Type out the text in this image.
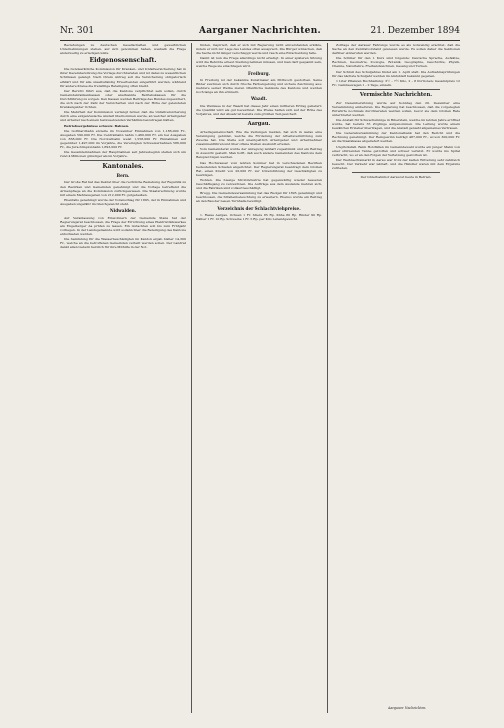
Nr. 301	Aarganer Nachrichten.	21. Dezember 1894

Beziehungen zu deutschen Gesellschaften und gewerblichen Unternehmungen stehen, auf sich genommen haben, weshalb die Frage anderweitig zu erledigen wäre.

Eidgenossenschaft.

Die bundesrätliche Kommission für Kranken- und Unfallversicherung hat in ihrer Dezembersitzung die Vorlage durchberaten und ist dabei zu wesentlichen Schlüssen gelangt. Nach ihrem Antrag soll die Versicherung obligatorisch erklärt und für alle unselbständig Erwerbenden eingeführt werden, während für andere Kreise die freiwillige Beteiligung offen bleibt.

Der Bericht führt aus, daß die Kantone verpflichtet sein sollen, durch Gemeindekrankenkassen oder anerkannte Betriebskassen für die Durchführung zu sorgen. Den Kassen werden Beiträge des Bundes zugesichert, die sich nach der Zahl der Versicherten und nach der Höhe der geleisteten Krankengelder richten.

Die Mehrheit der Kommission verlangt ferner, daß die Unfallversicherung durch eine eidgenössische Anstalt übernommen werde, an welcher Arbeitgeber und Arbeiter nach einem festzusetzenden Verhältnis beizutragen hätten.

Betriebsergebnisse schweiz. Bahnen.

Die Gotthardbahn erzielte im November Einnahmen von 1,186,000 Fr., Ausgaben 590,000 Fr. Die Centralbahn nahm 1,460,000 Fr. ein bei Ausgaben von 838,000 Fr. Die Nordostbahn weist 1,558,000 Fr. Einnahmen auf gegenüber 1,497,000 im Vorjahre, die Vereinigten Schweizerbahnen 586,000 Fr., die Jura-Simplonbahn 1,893,000 Fr.

Die Gesamteinnahmen der Hauptbahnen seit Jahresbeginn stellen sich um rund 4 Millionen günstiger als im Vorjahre.

Kantonales.
Bern.

Der Große Rat hat das Dekret über die rechtliche Beziehung der Republik zu den Bezirken und Gemeinden genehmigt und die Vorlage betreffend die Armenpflege an die Kommission zurückgewiesen. Die Staatsrechnung wurde mit einem Mehrausgeben von 212,000 Fr. gutgeheißen.

Ebenfalls genehmigt wurde der Voranschlag für 1895, der in Einnahmen und Ausgaben ungefähr im Gleichgewicht steht.

Nidwalden.

Auf Veranlassung von Einwohnern der Gemeinde Stans hat der Regierungsrat beschlossen, die Frage der Errichtung eines Elektrizitätswerkes am Engelberger Aa prüfen zu lassen. Ein Gutachten soll bis zum Frühjahr vorliegen. In der Landsgemeinde wird sodann über die Beteiligung des Kantons entschieden werden.

Die Sammlung für die Wasserbeschädigten im Kanton ergab bisher 14,300 Fr., welche an die betroffenen Gemeinden verteilt werden sollen. Der Landrat dankt allen Gebern herzlich für ihre Mithilfe in der Not.

finden, inspiriert, daß er sich mit Regierung nicht einverstanden erkläre, indem er sich zur Lage des Landes offen aussprach. Die Bürger wünschen, daß die Sache nicht länger verschleppt werde und rasch eine Entscheidung falle.

Damit ist nun die Frage allerdings nicht erledigt. In einer späteren Sitzung wird die Behörde erneut Stellung nehmen müssen, und man darf gespannt sein, welche Wege sie einschlagen wird.

Freiburg.

In Freiburg ist der bekannte Kunstmaler am Mittwoch gestorben. Seine Bilder zeichnen sich durch frische Farbengebung und sichere Zeichnung aus; mehrere seiner Werke zieren öffentliche Gebäude des Kantons und werden noch lange an ihn erinnern.

Waadt.

Die Weinlese in der Waadt hat dieses Jahr einen mittleren Ertrag geliefert; die Qualität wird als gut bezeichnet. Die Preise halten sich auf der Höhe des Vorjahres, und der Absatz ist bereits zum größten Teil gesichert.

Aargau.

Arbeitsgemeinschaft. Wie die Zeitungen melden, hat sich in Aarau eine Vereinigung gebildet, welche die Förderung der Arbeitsvermittlung zum Zwecke hat. Die Stelle soll unentgeltlich Arbeitgeber und Arbeitnehmer zusammenführen und über offene Stellen Auskunft erteilen.

Vom Gemeinderat wurde der Anregung lebhaft zugestimmt und ein Beitrag in Aussicht gestellt. Man hofft, daß auch andere Gemeinden des Kantons dem Beispiel folgen werden.

Das Hochwasser vom letzten Sommer hat in verschiedenen Bezirken bedeutenden Schaden angerichtet. Der Regierungsrat beantragt dem Großen Rat, einen Kredit von 20,000 Fr. zur Unterstützung der Geschädigten zu bewilligen.

Wohlen. Die hiesige Strohindustrie hat gegenwärtig wieder besseren Geschäftsgang zu verzeichnen. Die Aufträge aus dem Auslande mehren sich, und die Fabriken sind vollauf beschäftigt.

Brugg. Die Gemeindeversammlung hat das Budget für 1895 genehmigt und beschlossen, die Straßenbeleuchtung zu erweitern. Ebenso wurde ein Beitrag an den Bau der neuen Turnhalle bewilligt.

Verzeichnis der Schlachtviehpreise.

1. Rasse Aargau. Ochsen 1 Fr. Stiere 85 Rp. Kühe 80 Rp. Rinder 90 Rp. Kälber 1 Fr. 10 Rp. Schweine 1 Fr. 5 Rp. per Kilo Lebendgewicht.

Zolltage der Aarauer Fahrungs wurde es als notwendig erachtet, daß die Sache an den Zentralvorstand gewiesen werde. Es sollen daher die Sektionen darüber einberufen werden.

Die Schüler für den I. Kurs sind folgende: Deutsche Sprache, Aufsätze, Rechnen, Geometrie, Zoologie, Botanik, Geographie, Geschichte, Physik, Chemie, Naturlehre, Freihandzeichnen, Gesang und Turnen.

Der Schluß des Schuljahres findet am 1. April statt. Die Aufnahmsprüfungen für das nächste Schuljahr werden im Amtsblatt bekannt gegeben.

1 Liter Pflanzen Buchhaltung: 3½ – 7¾ Kilo, 2 – 8 Portionen; Gesamtpreis 12 Fr.; Gemüsewagen 1 – 2 Tage, einzeln.

Vermischte Nachrichten.

Zur Dezembersitzung wurde auf Sonntag den 20. Dezember eine Versammlung einberufen. Die Regierung hat beschlossen, daß die vorgelegten Entwürfe nochmals durchberaten werden sollen, bevor sie dem Großen Rate unterbreitet werden.

Die Anstalt für Schwachsinnige in Biberstein, welche im letzten Jahre eröffnet wurde, hat bereits 35 Zöglinge aufgenommen. Die Leitung wurde einem bewährten Erzieher übertragen, und die Anstalt genießt allgemeines Vertrauen.

Die Generalversammlung der Kantonalbank hat den Bericht und die Rechnung genehmigt. Der Reingewinn beträgt 487,000 Fr., wovon 300,000 Fr. an die Staatskasse abgeliefert werden.

Unglücksfall. Beim Holzfällen im Gemeindewald wurde ein junger Mann von einer stürzenden Tanne getroffen und schwer verletzt. Er wurde ins Spital verbracht, wo er an den Folgen der Verletzung gestorben ist.

Der Weihnachtsmarkt in Aarau war trotz der kalten Witterung sehr zahlreich besucht. Der Verkehr war lebhaft, und die Händler waren mit dem Ergebnis zufrieden.

Der Güterbahnhof Aarau ist heute in Betrieb.

Aargauer Nachrichten
